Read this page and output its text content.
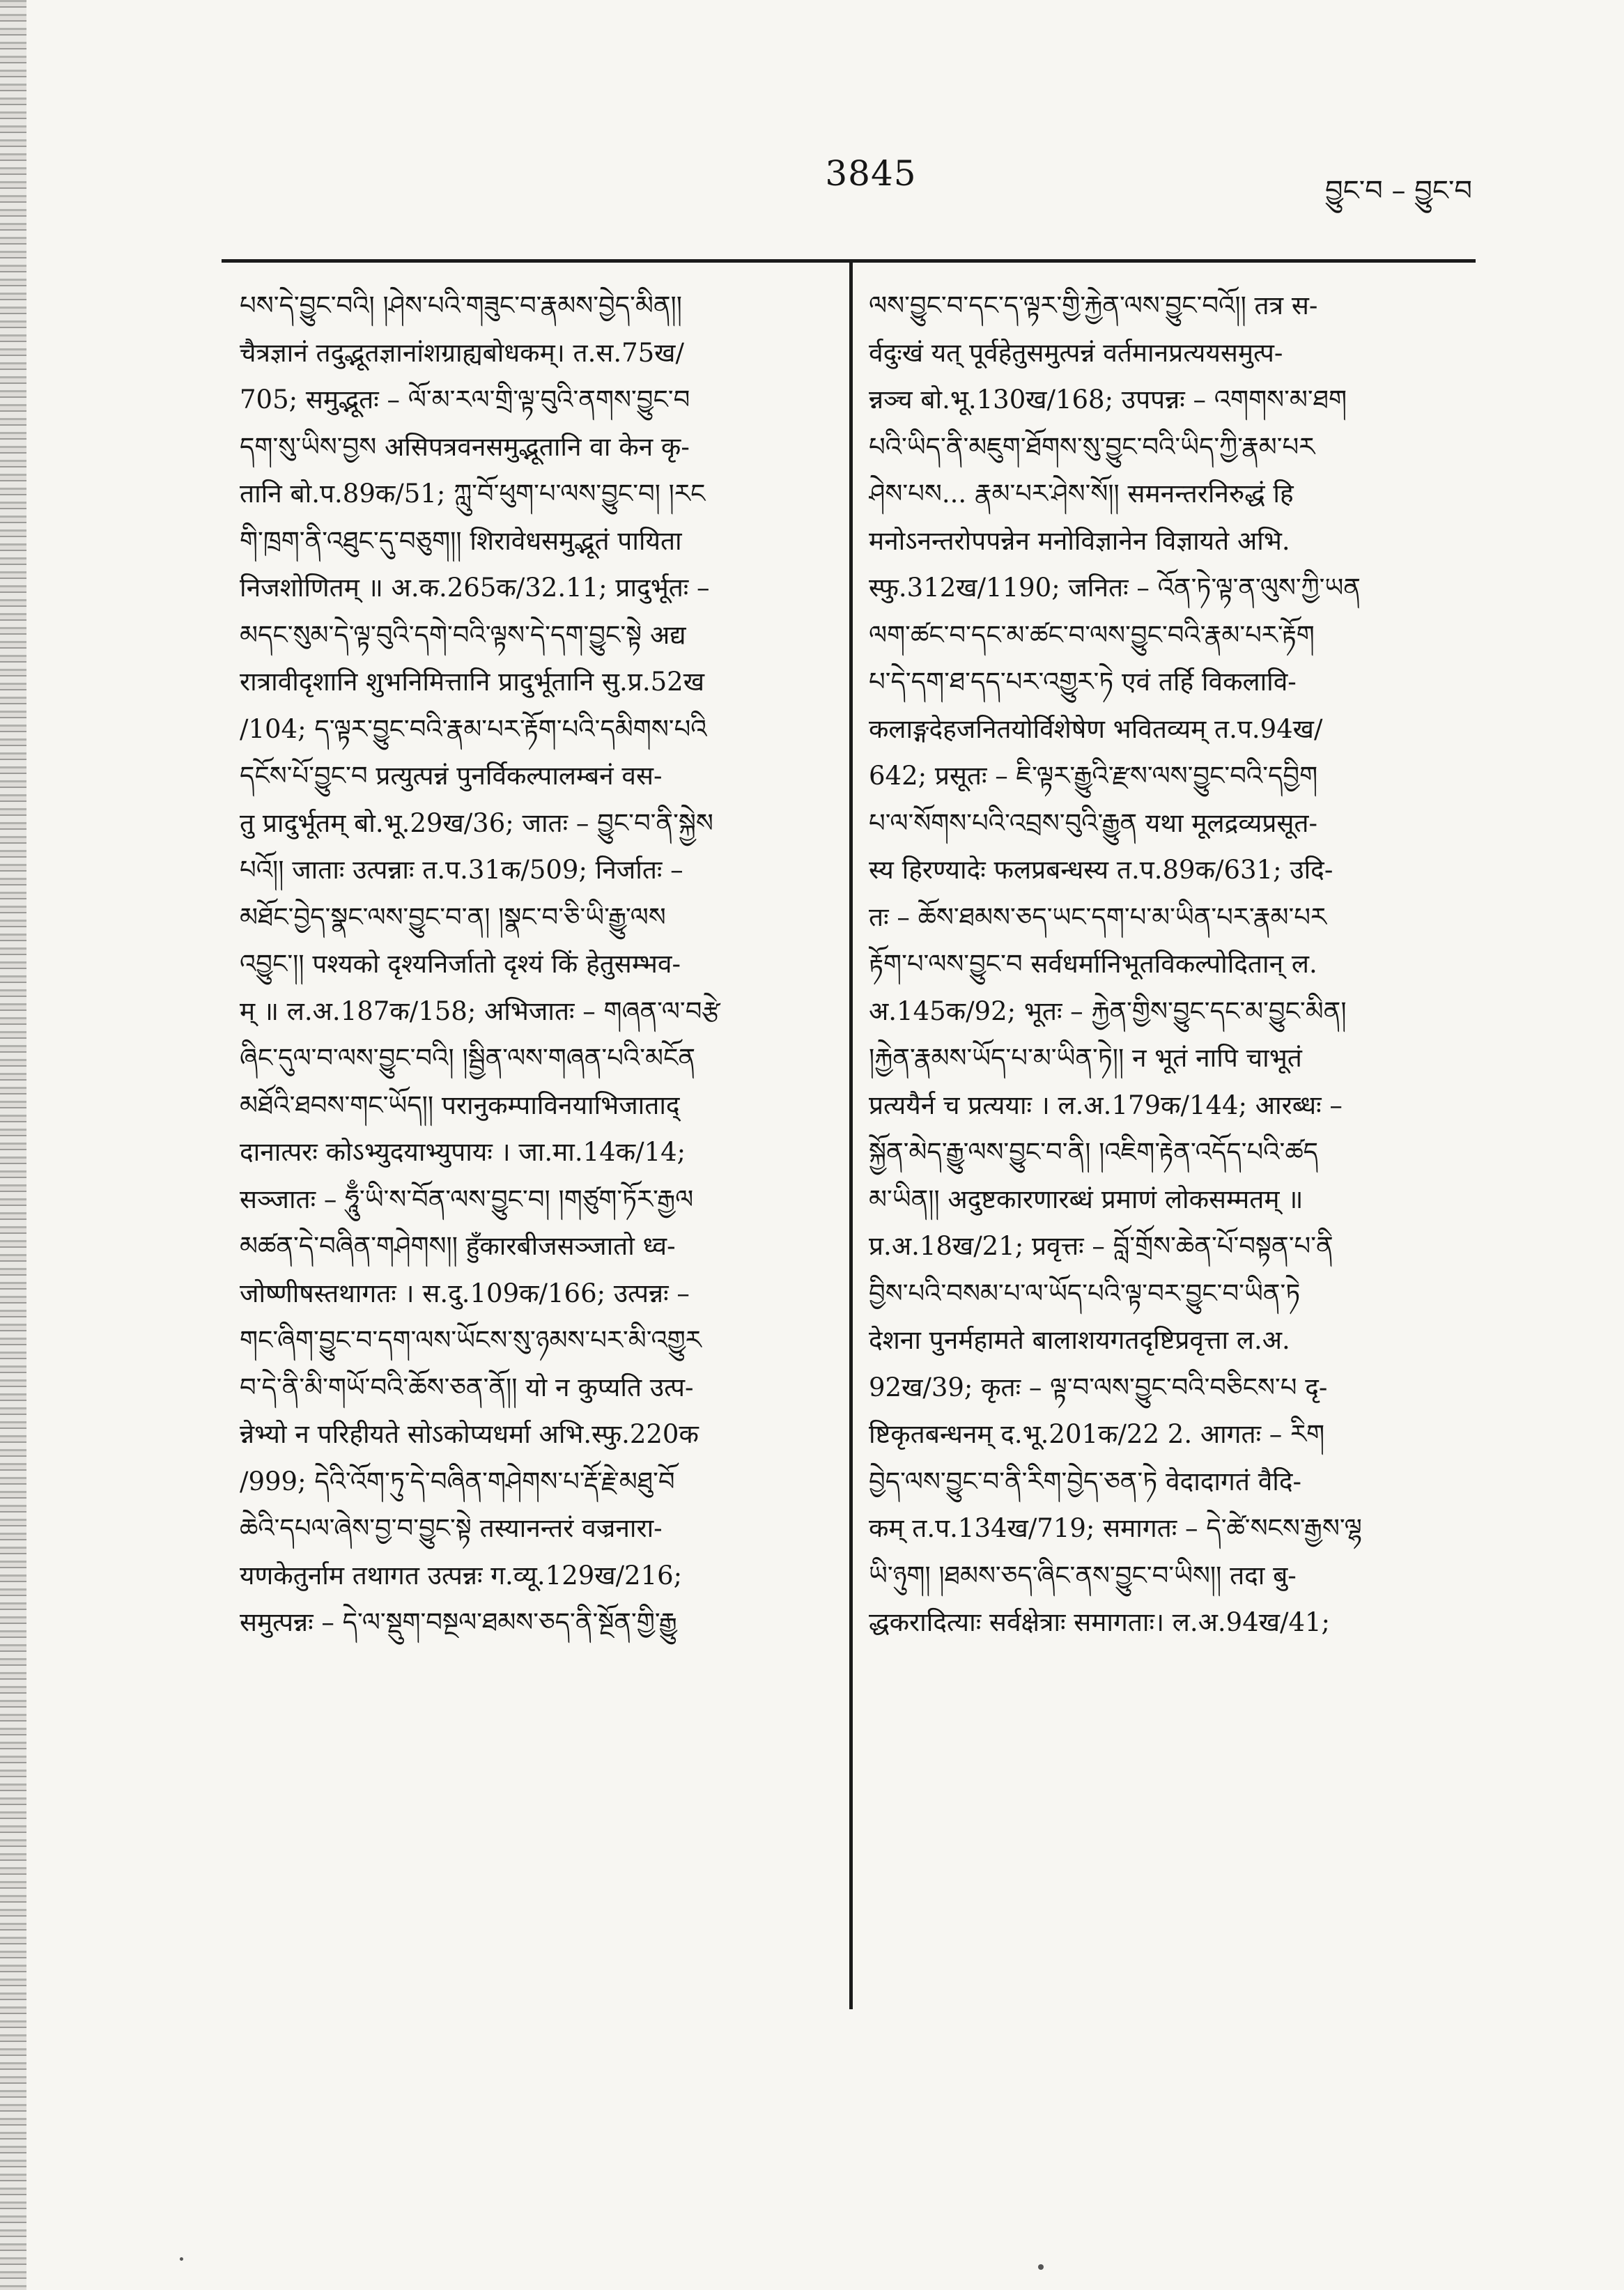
3845	བྱུང་བ – བྱུང་བ
པས་དེ་བྱུང་བའི། །ཤེས་པའི་གཟུང་བ་རྣམས་བྱེད་མིན།།
चैत्रज्ञानं तदुद्भूतज्ञानांशग्राह्यबोधकम्। त.स.75ख/
705; समुद्भूतः – ལོ་མ་རལ་གྲི་ལྟ་བུའི་ནགས་བྱུང་བ
དག་སུ་ཡིས་བྱས असिपत्रवनसमुद्भूतानि वा केन कृ-
तानि बो.प.89क/51; ཀླུ་བོ་ཕུག་པ་ལས་བྱུང་བ། །རང
གི་ཁྲག་ནི་འཐུང་དུ་བཅུག།། शिरावेधसमुद्भूतं पायिता
निजशोणितम् ॥ अ.क.265क/32.11; प्रादुर्भूतः –
མདང་སུམ་དེ་ལྟ་བུའི་དགེ་བའི་ལྟས་དེ་དག་བྱུང་སྟེ अद्य
रात्रावीदृशानि शुभनिमित्तानि प्रादुर्भूतानि सु.प्र.52ख
/104; ད་ལྟར་བྱུང་བའི་རྣམ་པར་རྟོག་པའི་དམིགས་པའི
དངོས་པོ་བྱུང་བ प्रत्युत्पन्नं पुनर्विकल्पालम्बनं वस-
तु प्रादुर्भूतम् बो.भू.29ख/36; जातः – བྱུང་བ་ནི་སྐྱེས
པའོ།། जाताः उत्पन्नाः त.प.31क/509; निर्जातः –
མཐོང་བྱེད་སྣང་ལས་བྱུང་བ་ན། །སྣང་བ་ཅི་ཡི་རྒྱུ་ལས
འབྱུང་།། पश्यको दृश्यनिर्जातो दृश्यं किं हेतुसम्भव-
म् ॥ ल.अ.187क/158; अभिजातः – གཞན་ལ་བརྩེ
ཞིང་དུལ་བ་ལས་བྱུང་བའི། །སྦྱིན་ལས་གཞན་པའི་མངོན
མཐོའི་ཐབས་གང་ཡོད།། परानुकम्पाविनयाभिजाताद्
दानात्परः कोऽभ्युदयाभ्युपायः । जा.मा.14क/14;
सञ्जातः – ཧཱུྃ་ཡི་ས་བོན་ལས་བྱུང་བ། །གཙུག་ཏོར་རྒྱལ
མཚན་དེ་བཞིན་གཤེགས།། हुँकारबीजसञ्जातो ध्व-
जोष्णीषस्तथागतः । स.दु.109क/166; उत्पन्नः –
གང་ཞིག་བྱུང་བ་དག་ལས་ཡོངས་སུ་ཉམས་པར་མི་འགྱུར
བ་དེ་ནི་མི་གཡོ་བའི་ཆོས་ཅན་ནོ།། यो न कुप्यति उत्प-
न्नेभ्यो न परिहीयते सोऽकोप्यधर्मा अभि.स्फु.220क
/999; དེའི་འོག་ཏུ་དེ་བཞིན་གཤེགས་པ་རྡོ་རྗེ་མཐུ་བོ
ཆེའི་དཔལ་ཞེས་བྱ་བ་བྱུང་སྟེ तस्यानन्तरं वज्रनारा-
यणकेतुर्नाम तथागत उत्पन्नः ग.व्यू.129ख/216;
समुत्पन्नः – དེ་ལ་སྡུག་བསྔལ་ཐམས་ཅད་ནི་སྔོན་གྱི་རྒྱུ
ལས་བྱུང་བ་དང་ད་ལྟར་གྱི་རྐྱེན་ལས་བྱུང་བའོ།། तत्र स-
र्वदुःखं यत् पूर्वहेतुसमुत्पन्नं वर्तमानप्रत्ययसमुत्प-
न्नञ्च बो.भू.130ख/168; उपपन्नः – འགགས་མ་ཐག
པའི་ཡིད་ནི་མཇུག་ཐོགས་སུ་བྱུང་བའི་ཡིད་ཀྱི་རྣམ་པར
ཤེས་པས... རྣམ་པར་ཤེས་སོ།། समनन्तरनिरुद्धं हि
मनोऽनन्तरोपपन्नेन मनोविज्ञानेन विज्ञायते अभि.
स्फु.312ख/1190; जनितः – འོན་ཏེ་ལྟ་ན་ལུས་ཀྱི་ཡན
ལག་ཚང་བ་དང་མ་ཚང་བ་ལས་བྱུང་བའི་རྣམ་པར་རྟོག
པ་དེ་དག་ཐ་དད་པར་འགྱུར་ཏེ एवं तर्हि विकलावि-
कलाङ्गदेहजनितयोर्विशेषेण भवितव्यम् त.प.94ख/
642; प्रसूतः – ཇི་ལྟར་རྒྱུའི་རྫས་ལས་བྱུང་བའི་དབྱིག
པ་ལ་སོགས་པའི་འབྲས་བུའི་རྒྱུན यथा मूलद्रव्यप्रसूत-
स्य हिरण्यादेः फलप्रबन्धस्य त.प.89क/631; उदि-
तः – ཆོས་ཐམས་ཅད་ཡང་དག་པ་མ་ཡིན་པར་རྣམ་པར
རྟོག་པ་ལས་བྱུང་བ सर्वधर्मानिभूतविकल्पोदितान् ल.
अ.145क/92; भूतः – རྐྱེན་གྱིས་བྱུང་དང་མ་བྱུང་མིན།
།རྐྱེན་རྣམས་ཡོད་པ་མ་ཡིན་ཏེ།། न भूतं नापि चाभूतं
प्रत्ययैर्न च प्रत्ययाः । ल.अ.179क/144; आरब्धः –
སྐྱོན་མེད་རྒྱུ་ལས་བྱུང་བ་ནི། །འཇིག་རྟེན་འདོད་པའི་ཚད
མ་ཡིན།། अदुष्टकारणारब्धं प्रमाणं लोकसम्मतम् ॥
प्र.अ.18ख/21; प्रवृत्तः – བློ་གྲོས་ཆེན་པོ་བསྟན་པ་ནི
བྱིས་པའི་བསམ་པ་ལ་ཡོད་པའི་ལྟ་བར་བྱུང་བ་ཡིན་ཏེ
देशना पुनर्महामते बालाशयगतदृष्टिप्रवृत्ता ल.अ.
92ख/39; कृतः – ལྟ་བ་ལས་བྱུང་བའི་བཅིངས་པ दृ-
ष्टिकृतबन्धनम् द.भू.201क/22 2. आगतः – རིག
བྱེད་ལས་བྱུང་བ་ནི་རིག་བྱེད་ཅན་ཏེ वेदादागतं वैदि-
कम् त.प.134ख/719; समागतः – དེ་ཚེ་སངས་རྒྱས་ལྷ
ཡི་ཉུག། །ཐམས་ཅད་ཞིང་ནས་བྱུང་བ་ཡིས།། तदा बु-
द्धकरादित्याः सर्वक्षेत्राः समागताः। ल.अ.94ख/41;
